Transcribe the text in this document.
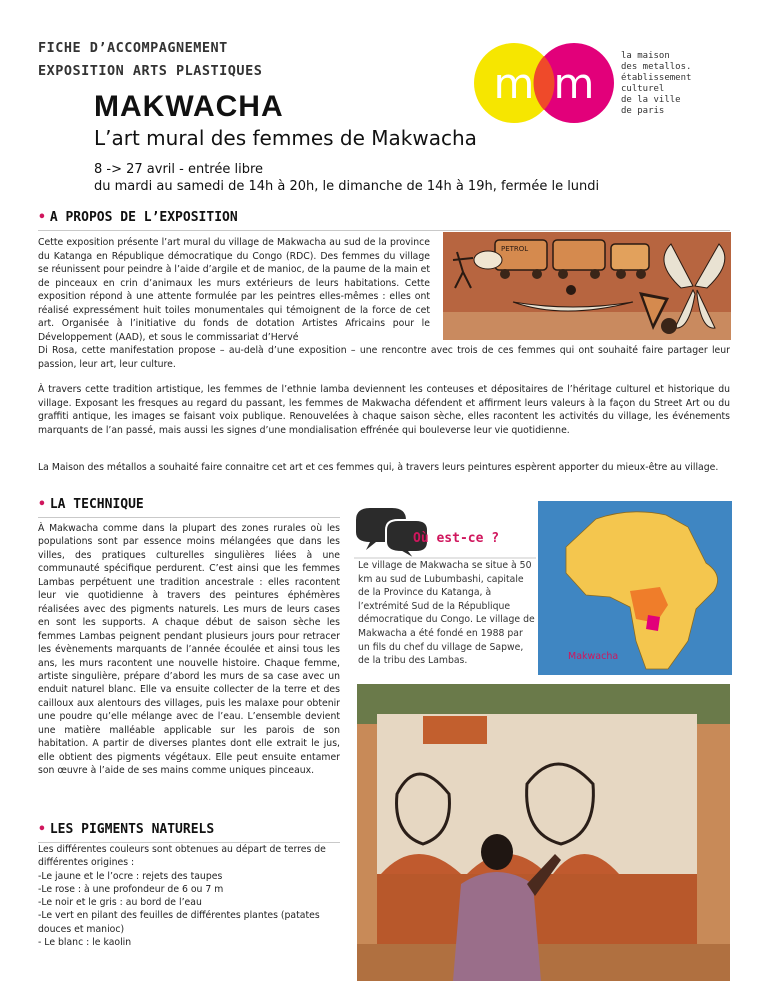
FICHE D’ACCOMPAGNEMENT
EXPOSITION ARTS PLASTIQUES
MAKWACHA
L’art mural des femmes de Makwacha
8 -> 27 avril - entrée libre
du mardi au samedi de 14h à 20h, le dimanche de 14h à 19h, fermée le lundi
m m
la maison
des metallos.
établissement
culturel
de la ville
de paris
• A PROPOS DE L’EXPOSITION
Cette exposition présente l’art mural du village de Makwacha au sud de la province du Katanga en République démocratique du Congo (RDC). Des femmes du village se réunissent pour peindre à l’aide d’argile et de manioc, de la paume de la main et de pinceaux en crin d’animaux les murs extérieurs de leurs habitations. Cette exposition répond à une attente formulée par les peintres elles-mêmes : elles ont réalisé expressément huit toiles monumentales qui témoignent de la force de cet art. Organisée à l’initiative du fonds de dotation Artistes Africains pour le Développement (AAD), et sous le commissariat d’Hervé
Di Rosa, cette manifestation propose – au-delà d’une exposition – une rencontre avec trois de ces femmes qui ont souhaité faire partager leur passion, leur art, leur culture.
À travers cette tradition artistique, les femmes de l’ethnie lamba deviennent les conteuses et dépositaires de l’héritage culturel et historique du village. Exposant les fresques au regard du passant, les femmes de Makwacha défendent et affirment leurs valeurs à la façon du Street Art ou du graffiti antique, les images se faisant voix publique. Renouvelées à chaque saison sèche, elles racontent les activités du village, les événements marquants de l’an passé, mais aussi les signes d’une mondialisation effrénée qui bouleverse leur vie quotidienne.
La Maison des métallos a souhaité faire connaitre cet art et ces femmes qui, à travers leurs peintures espèrent apporter du mieux-être au village.
PETROL
• LA TECHNIQUE
À Makwacha comme dans la plupart des zones rurales où les populations sont par essence moins mélangées que dans les villes, des pratiques culturelles singulières liées à une communauté spécifique perdurent. C’est ainsi que les femmes Lambas perpétuent une tradition ancestrale : elles racontent leur vie quotidienne à travers des peintures éphémères réalisées avec des pigments naturels. Les murs de leurs cases en sont les supports. A chaque début de saison sèche les femmes Lambas peignent pendant plusieurs jours pour retracer les évènements marquants de l’année écoulée et ainsi tous les ans, les murs racontent une nouvelle histoire. Chaque femme, artiste singulière, prépare d’abord les murs de sa case avec un enduit naturel blanc. Elle va ensuite collecter de la terre et des cailloux aux alentours des villages, puis les malaxe pour obtenir une poudre qu’elle mélange avec de l’eau. L’ensemble devient une matière malléable applicable sur les parois de son habitation. A partir de diverses plantes dont elle extrait le jus, elle obtient des pigments végétaux. Elle peut ensuite entamer son œuvre à l’aide de ses mains comme uniques pinceaux.
Où est-ce ?
Le village de Makwacha se situe à 50 km au sud de Lubumbashi, capitale de la Province du Katanga, à l’extrémité Sud de la République démocratique du Congo. Le village de Makwacha a été fondé en 1988 par un fils du chef du village de Sapwe, de la tribu des Lambas.	Makwacha
• LES PIGMENTS NATURELS
Les différentes couleurs sont obtenues au départ de terres de différentes origines :
-Le jaune et le l’ocre : rejets des taupes
-Le rose : à une profondeur de 6 ou 7 m
-Le noir et le gris : au bord de l’eau
-Le vert en pilant des feuilles de différentes plantes (patates douces et manioc)
- Le blanc : le kaolin
